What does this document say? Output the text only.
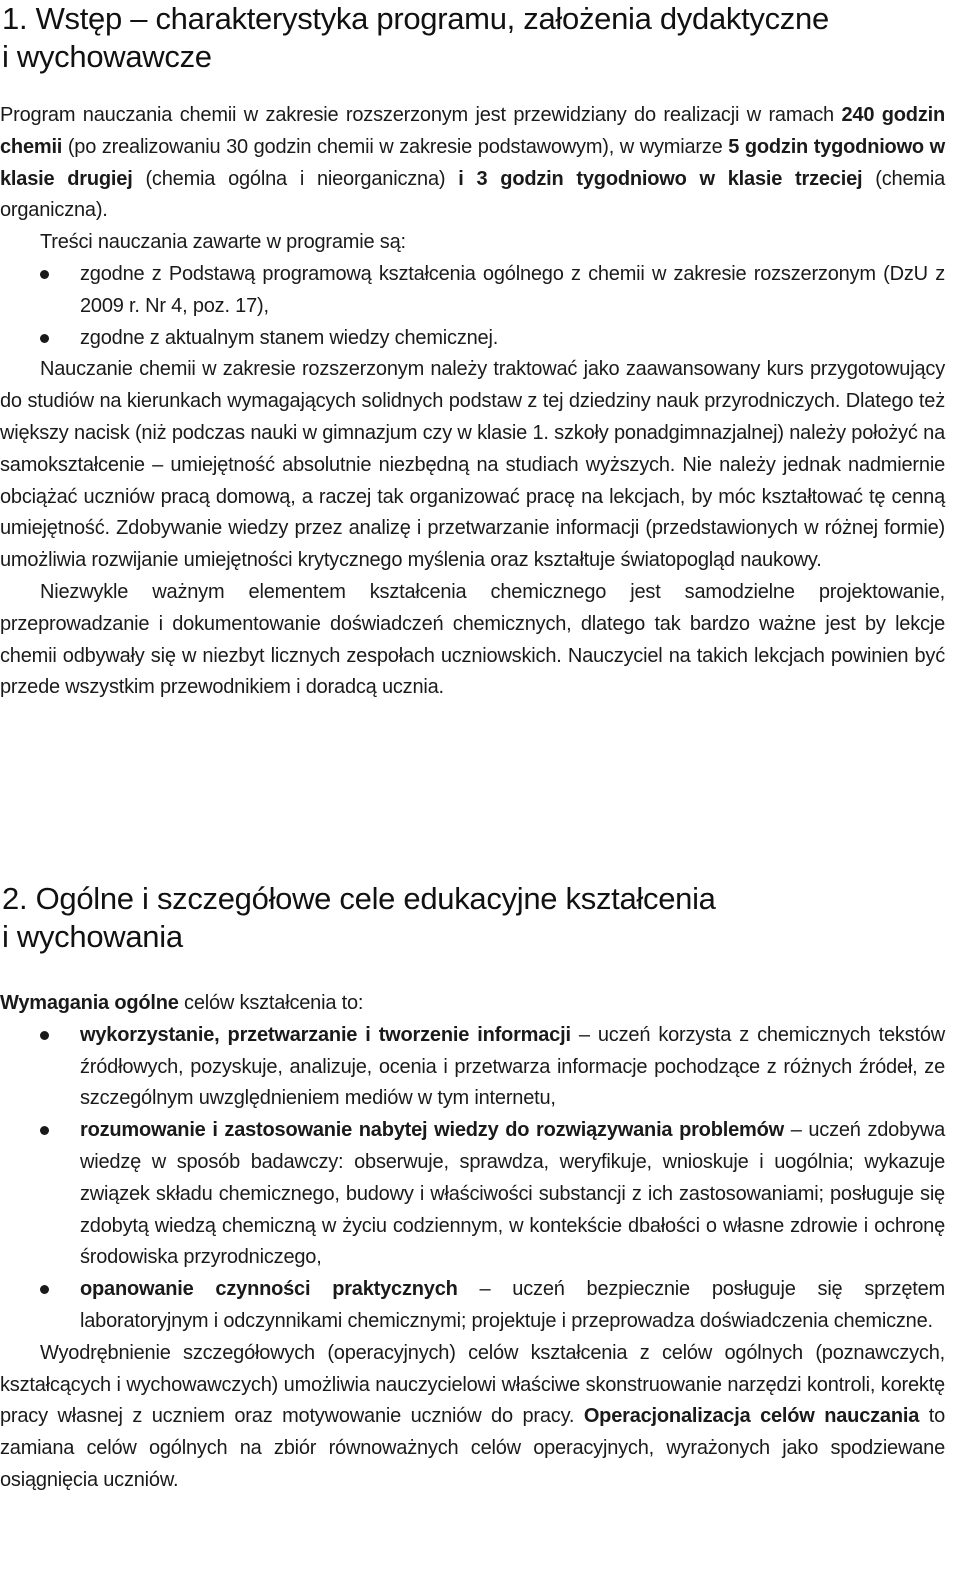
1. Wstęp – charakterystyka programu, założenia dydaktyczne
i wychowawcze

Program nauczania chemii w zakresie rozszerzonym jest przewidziany do realizacji w ramach 240 godzin chemii (po zrealizowaniu 30 godzin chemii w zakresie podstawowym), w wymiarze 5 godzin tygodniowo w klasie drugiej (chemia ogólna i nieorganiczna) i 3 godzin tygodniowo w klasie trzeciej (chemia organiczna).

Treści nauczania zawarte w programie są:

zgodne z Podstawą programową kształcenia ogólnego z chemii w zakresie rozszerzonym (DzU z 2009 r. Nr 4, poz. 17),
zgodne z aktualnym stanem wiedzy chemicznej.

Nauczanie chemii w zakresie rozszerzonym należy traktować jako zaawansowany kurs przygotowujący do studiów na kierunkach wymagających solidnych podstaw z tej dziedziny nauk przyrodniczych. Dlatego też większy nacisk (niż podczas nauki w gimnazjum czy w klasie 1. szkoły ponadgimnazjalnej) należy położyć na samokształcenie – umiejętność absolutnie niezbędną na studiach wyższych. Nie należy jednak nadmiernie obciążać uczniów pracą domową, a raczej tak organizować pracę na lekcjach, by móc kształtować tę cenną umiejętność. Zdobywanie wiedzy przez analizę i przetwarzanie informacji (przedstawionych w różnej formie) umożliwia rozwijanie umiejętności krytycznego myślenia oraz kształtuje światopogląd naukowy.

Niezwykle ważnym elementem kształcenia chemicznego jest samodzielne projektowanie, przeprowadzanie i dokumentowanie doświadczeń chemicznych, dlatego tak bardzo ważne jest by lekcje chemii odbywały się w niezbyt licznych zespołach uczniowskich. Nauczyciel na takich lekcjach powinien być przede wszystkim przewodnikiem i doradcą ucznia.

2. Ogólne i szczegółowe cele edukacyjne kształcenia
i wychowania

Wymagania ogólne celów kształcenia to:

wykorzystanie, przetwarzanie i tworzenie informacji – uczeń korzysta z chemicznych tekstów źródłowych, pozyskuje, analizuje, ocenia i przetwarza informacje pochodzące z różnych źródeł, ze szczególnym uwzględnieniem mediów w tym internetu,
rozumowanie i zastosowanie nabytej wiedzy do rozwiązywania problemów – uczeń zdobywa wiedzę w sposób badawczy: obserwuje, sprawdza, weryfikuje, wnioskuje i uogólnia; wykazuje związek składu chemicznego, budowy i właściwości substancji z ich zastosowaniami; posługuje się zdobytą wiedzą chemiczną w życiu codziennym, w kontekście dbałości o własne zdrowie i ochronę środowiska przyrodniczego,
opanowanie czynności praktycznych – uczeń bezpiecznie posługuje się sprzętem laboratoryjnym i odczynnikami chemicznymi; projektuje i przeprowadza doświadczenia chemiczne.

Wyodrębnienie szczegółowych (operacyjnych) celów kształcenia z celów ogólnych (poznawczych, kształcących i wychowawczych) umożliwia nauczycielowi właściwe skonstruowanie narzędzi kontroli, korektę pracy własnej z uczniem oraz motywowanie uczniów do pracy. Operacjonalizacja celów nauczania to zamiana celów ogólnych na zbiór równoważnych celów operacyjnych, wyrażonych jako spodziewane osiągnięcia uczniów.
